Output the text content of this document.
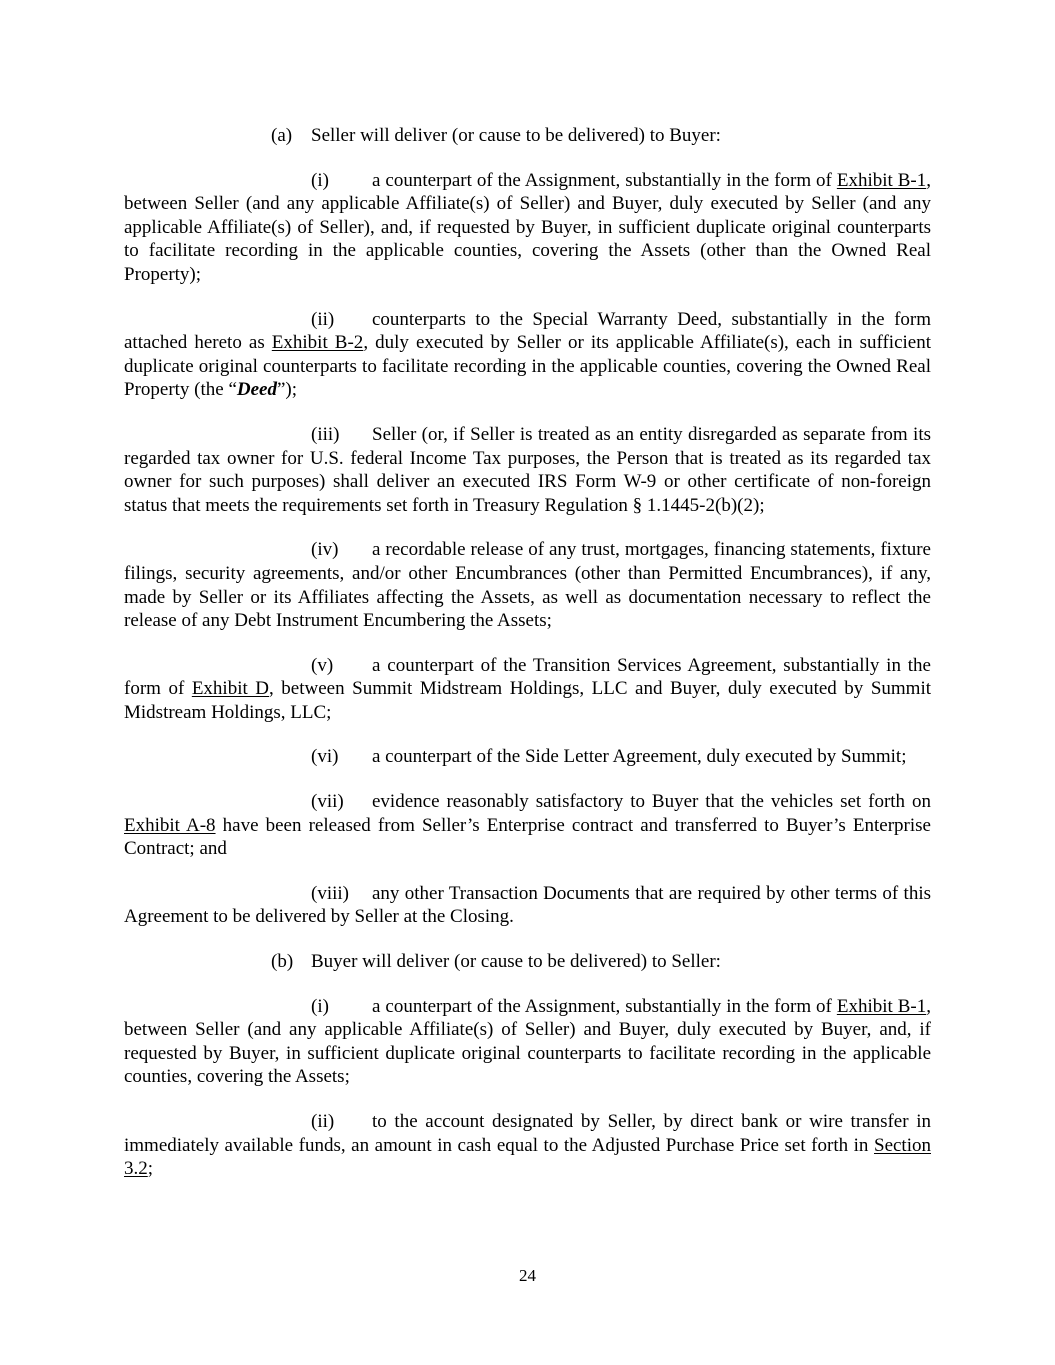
(a) Seller will deliver (or cause to be delivered) to Buyer:

(i) a counterpart of the Assignment, substantially in the form of Exhibit B-1, between Seller (and any applicable Affiliate(s) of Seller) and Buyer, duly executed by Seller (and any applicable Affiliate(s) of Seller), and, if requested by Buyer, in sufficient duplicate original counterparts to facilitate recording in the applicable counties, covering the Assets (other than the Owned Real Property);

(ii) counterparts to the Special Warranty Deed, substantially in the form attached hereto as Exhibit B-2, duly executed by Seller or its applicable Affiliate(s), each in sufficient duplicate original counterparts to facilitate recording in the applicable counties, covering the Owned Real Property (the “Deed”);

(iii) Seller (or, if Seller is treated as an entity disregarded as separate from its regarded tax owner for U.S. federal Income Tax purposes, the Person that is treated as its regarded tax owner for such purposes) shall deliver an executed IRS Form W-9 or other certificate of non-foreign status that meets the requirements set forth in Treasury Regulation § 1.1445-2(b)(2);

(iv) a recordable release of any trust, mortgages, financing statements, fixture filings, security agreements, and/or other Encumbrances (other than Permitted Encumbrances), if any, made by Seller or its Affiliates affecting the Assets, as well as documentation necessary to reflect the release of any Debt Instrument Encumbering the Assets;

(v) a counterpart of the Transition Services Agreement, substantially in the form of Exhibit D, between Summit Midstream Holdings, LLC and Buyer, duly executed by Summit Midstream Holdings, LLC;

(vi) a counterpart of the Side Letter Agreement, duly executed by Summit;

(vii) evidence reasonably satisfactory to Buyer that the vehicles set forth on Exhibit A-8 have been released from Seller’s Enterprise contract and transferred to Buyer’s Enterprise Contract; and

(viii) any other Transaction Documents that are required by other terms of this Agreement to be delivered by Seller at the Closing.

(b) Buyer will deliver (or cause to be delivered) to Seller:

(i) a counterpart of the Assignment, substantially in the form of Exhibit B-1, between Seller (and any applicable Affiliate(s) of Seller) and Buyer, duly executed by Buyer, and, if requested by Buyer, in sufficient duplicate original counterparts to facilitate recording in the applicable counties, covering the Assets;

(ii) to the account designated by Seller, by direct bank or wire transfer in immediately available funds, an amount in cash equal to the Adjusted Purchase Price set forth in Section 3.2;

24
